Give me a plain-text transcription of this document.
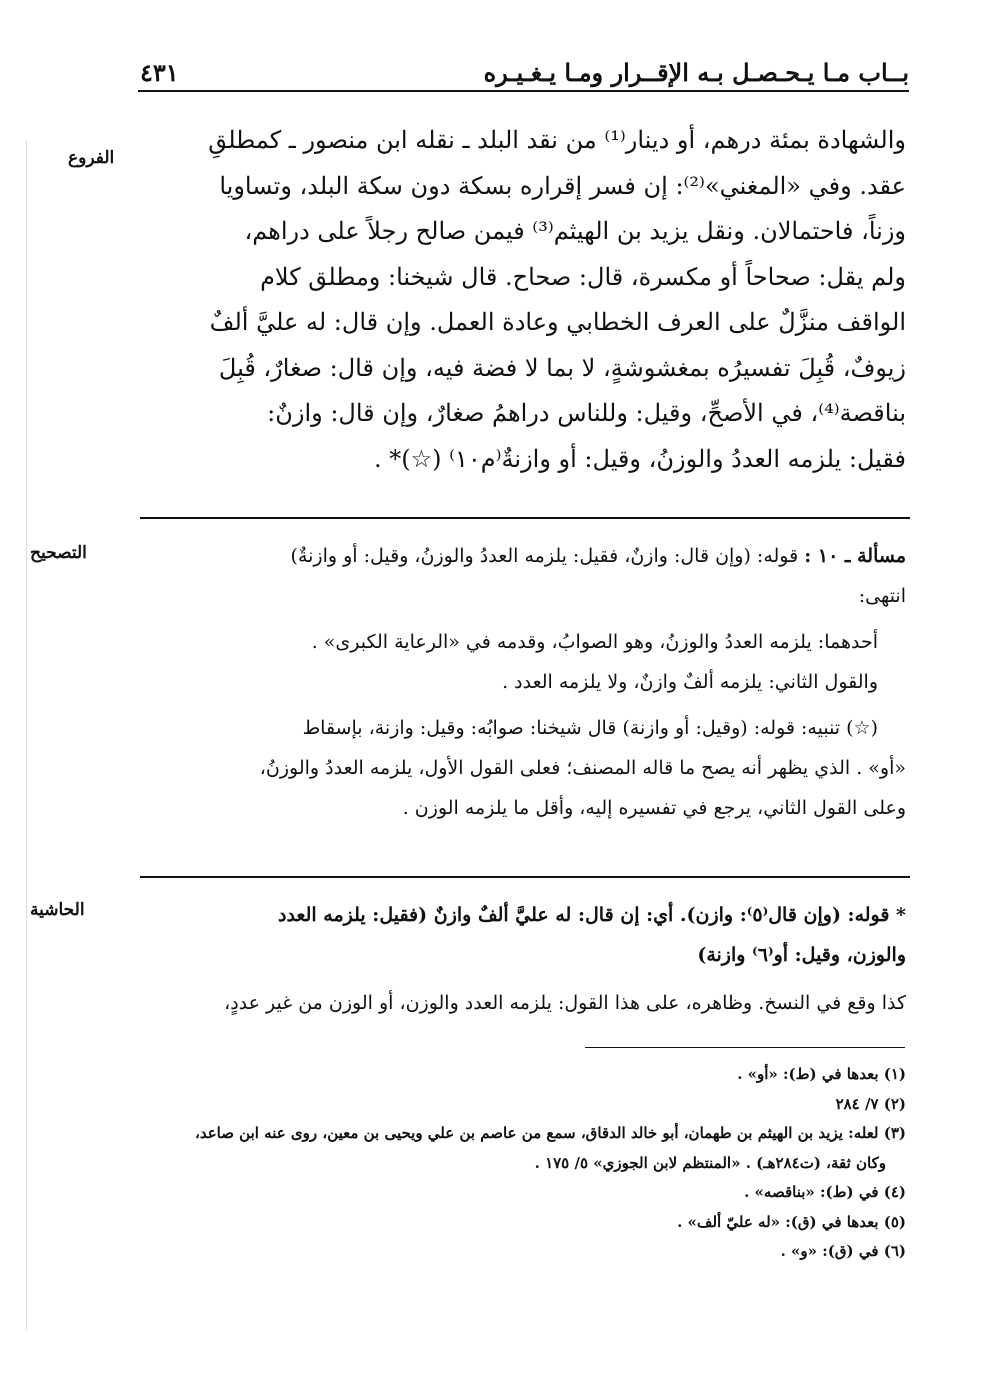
بــاب مـا يـحـصـل بـه الإقــرار ومـا يـغـيـره
٤٣١
الفروع
التصحيح
الحاشية

والشهادة بمئة درهم، أو دينار⁽¹⁾ من نقد البلد ـ نقله ابن منصور ـ كمطلقِ

عقد. وفي «المغني»⁽²⁾: إن فسر إقراره بسكة دون سكة البلد، وتساويا

وزناً، فاحتمالان. ونقل يزيد بن الهيثم⁽³⁾ فيمن صالح رجلاً على دراهم،

ولم يقل: صحاحاً أو مكسرة، قال: صحاح. قال شيخنا: ومطلق كلام

الواقف منزَّلٌ على العرف الخطابي وعادة العمل. وإن قال: له عليَّ ألفٌ

زيوفٌ، قُبِلَ تفسيرُه بمغشوشةٍ، لا بما لا فضة فيه، وإن قال: صغارٌ، قُبِلَ

بناقصة⁽⁴⁾، في الأصحِّ، وقيل: وللناس دراهمُ صغارٌ، وإن قال: وازنٌ:

فقيل: يلزمه العددُ والوزنُ، وقيل: أو وازنةٌ⁽م١٠⁾ (☆)* .

مسألة ـ ١٠ : قوله: (وإن قال: وازنٌ، فقيل: يلزمه العددُ والوزنُ، وقيل: أو وازنةٌ)

انتهى:

أحدهما: يلزمه العددُ والوزنُ، وهو الصوابُ، وقدمه في «الرعاية الكبرى» .

والقول الثاني: يلزمه ألفٌ وازنٌ، ولا يلزمه العدد .

(☆) تنبيه: قوله: (وقيل: أو وازنة) قال شيخنا: صوابُه: وقيل: وازنة، بإسقاط

«أو» . الذي يظهر أنه يصح ما قاله المصنف؛ فعلى القول الأول، يلزمه العددُ والوزنُ،

وعلى القول الثاني، يرجع في تفسيره إليه، وأقل ما يلزمه الوزن .

* قوله: (وإن قال⁽٥⁾: وازن). أي: إن قال: له عليَّ ألفٌ وازنٌ (فقيل: يلزمه العدد

والوزن، وقيل: أو⁽٦⁾ وازنة)

كذا وقع في النسخ. وظاهره، على هذا القول: يلزمه العدد والوزن، أو الوزن من غير عددٍ،

(١) بعدها في (ط): «أو» .

(٢) ٧/ ٢٨٤

(٣) لعله: يزيد بن الهيثم بن طهمان، أبو خالد الدقاق، سمع من عاصم بن علي ويحيى بن معين، روى عنه ابن صاعد،

وكان ثقة، (ت٢٨٤هـ) . «المنتظم لابن الجوزي» ٥/ ١٧٥ .

(٤) في (ط): «بناقصه» .

(٥) بعدها في (ق): «له عليّ ألف» .

(٦) في (ق): «و» .
